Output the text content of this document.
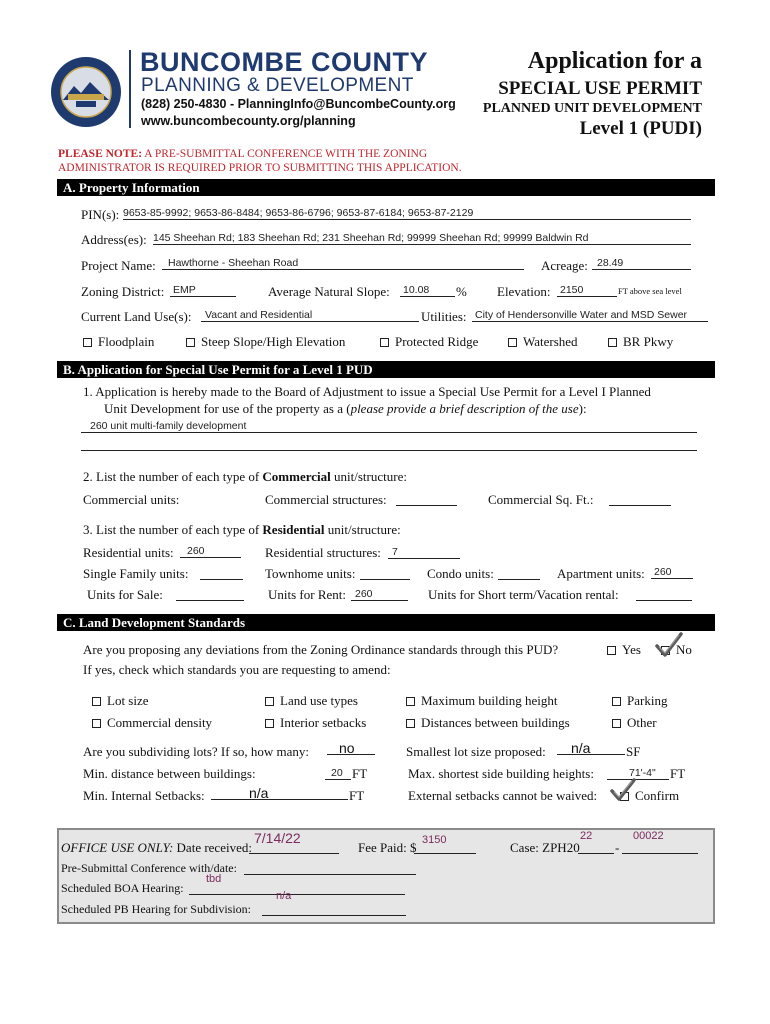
BUNCOMBE COUNTY
PLANNING & DEVELOPMENT
(828) 250-4830 - PlanningInfo@BuncombeCounty.org
www.buncombecounty.org/planning
Application for a
SPECIAL USE PERMIT
PLANNED UNIT DEVELOPMENT
Level 1 (PUDI)
PLEASE NOTE: A PRE-SUBMITTAL CONFERENCE WITH THE ZONING
ADMINISTRATOR IS REQUIRED PRIOR TO SUBMITTING THIS APPLICATION.
A. Property Information
PIN(s): 9653-85-9992; 9653-86-8484; 9653-86-6796; 9653-87-6184; 9653-87-2129
Address(es): 145 Sheehan Rd; 183 Sheehan Rd; 231 Sheehan Rd; 99999 Sheehan Rd; 99999 Baldwin Rd
Project Name:	Hawthorne - Sheehan Road	Acreage: 28.49
Zoning District: EMP	Average Natural Slope: 10.08	% Elevation: 2150	FT above sea level
Current Land Use(s):	Vacant and Residential	Utilities: City of Hendersonville Water and MSD Sewer
Floodplain	Steep Slope/High Elevation	Protected Ridge	Watershed	BR Pkwy
B. Application for Special Use Permit for a Level 1 PUD
1. Application is hereby made to the Board of Adjustment to issue a Special Use Permit for a Level I Planned
Unit Development for use of the property as a (please provide a brief description of the use):
260 unit multi-family development
2. List the number of each type of Commercial unit/structure:
Commercial units:	Commercial structures:	Commercial Sq. Ft.:
3. List the number of each type of Residential unit/structure:
Residential units:	260	Residential structures:	7
Single Family units:	Townhome units:	Condo units:	Apartment units: 260
Units for Sale:	Units for Rent: 260	Units for Short term/Vacation rental:
C. Land Development Standards
Are you proposing any deviations from the Zoning Ordinance standards through this PUD?	Yes	No
If yes, check which standards you are requesting to amend:
Lot size	Land use types	Maximum building height	Parking
Commercial density	Interior setbacks	Distances between buildings	Other
Are you subdividing lots? If so, how many:	no	Smallest lot size proposed:	n/a	SF
Min. distance between buildings:	20 FT	Max. shortest side building heights:	71'-4"	FT
Min. Internal Setbacks:	n/a	FT	External setbacks cannot be waived:	Confirm
OFFICE USE ONLY: Date received:
7/14/22
Fee Paid: $ 3150	Case: ZPH20	-
22	00022
Pre-Submittal Conference with/date:
Scheduled BOA Hearing:
tbd
Scheduled PB Hearing for Subdivision:
n/a
